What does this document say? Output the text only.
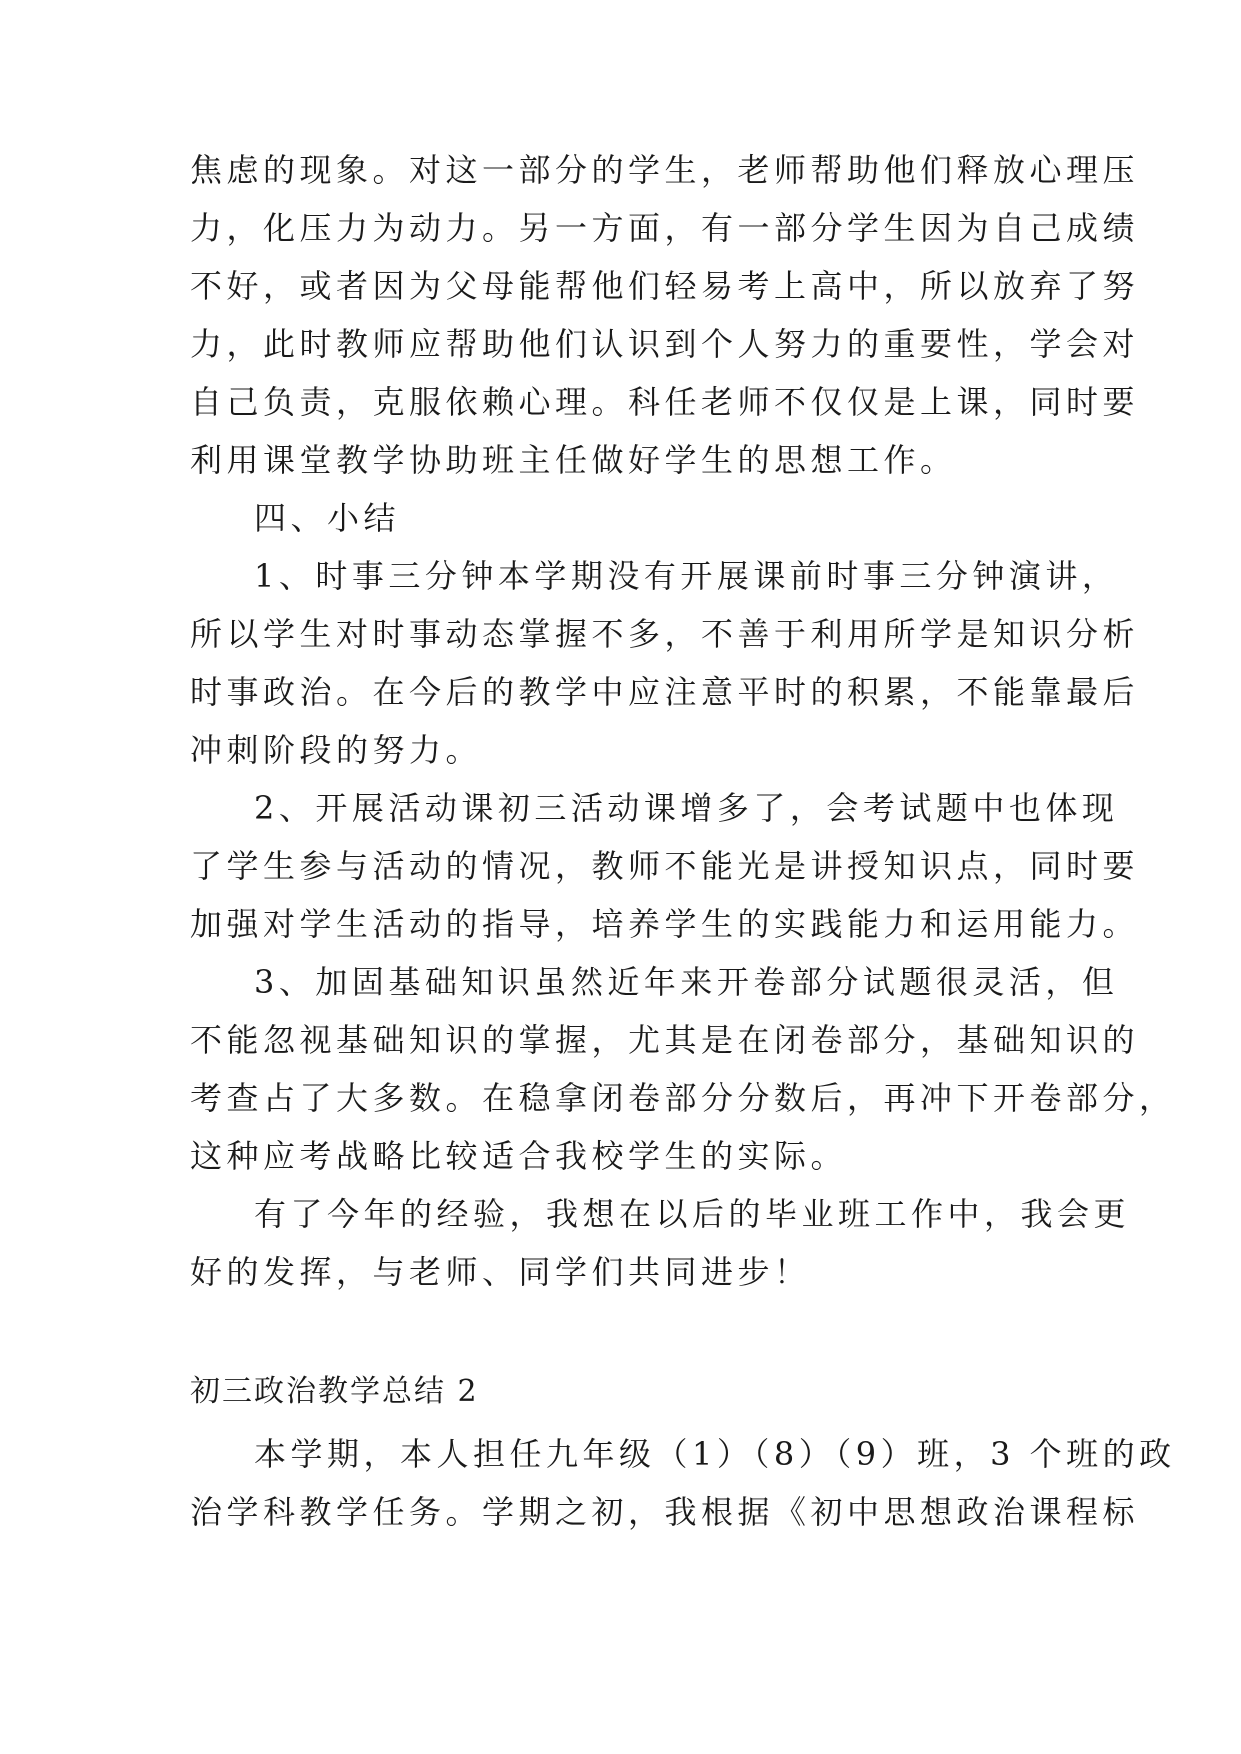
焦虑的现象。对这一部分的学生，老师帮助他们释放心理压
力，化压力为动力。另一方面，有一部分学生因为自己成绩
不好，或者因为父母能帮他们轻易考上高中，所以放弃了努
力，此时教师应帮助他们认识到个人努力的重要性，学会对
自己负责，克服依赖心理。科任老师不仅仅是上课，同时要
利用课堂教学协助班主任做好学生的思想工作。
四、小结
1、时事三分钟本学期没有开展课前时事三分钟演讲，
所以学生对时事动态掌握不多，不善于利用所学是知识分析
时事政治。在今后的教学中应注意平时的积累，不能靠最后
冲刺阶段的努力。
2、开展活动课初三活动课增多了，会考试题中也体现
了学生参与活动的情况，教师不能光是讲授知识点，同时要
加强对学生活动的指导，培养学生的实践能力和运用能力。
3、加固基础知识虽然近年来开卷部分试题很灵活，但
不能忽视基础知识的掌握，尤其是在闭卷部分，基础知识的
考查占了大多数。在稳拿闭卷部分分数后，再冲下开卷部分，
这种应考战略比较适合我校学生的实际。
有了今年的经验，我想在以后的毕业班工作中，我会更
好的发挥，与老师、同学们共同进步！
初三政治教学总结 2
本学期，本人担任九年级（1）（8）（9）班，3 个班的政
治学科教学任务。学期之初，我根据《初中思想政治课程标
